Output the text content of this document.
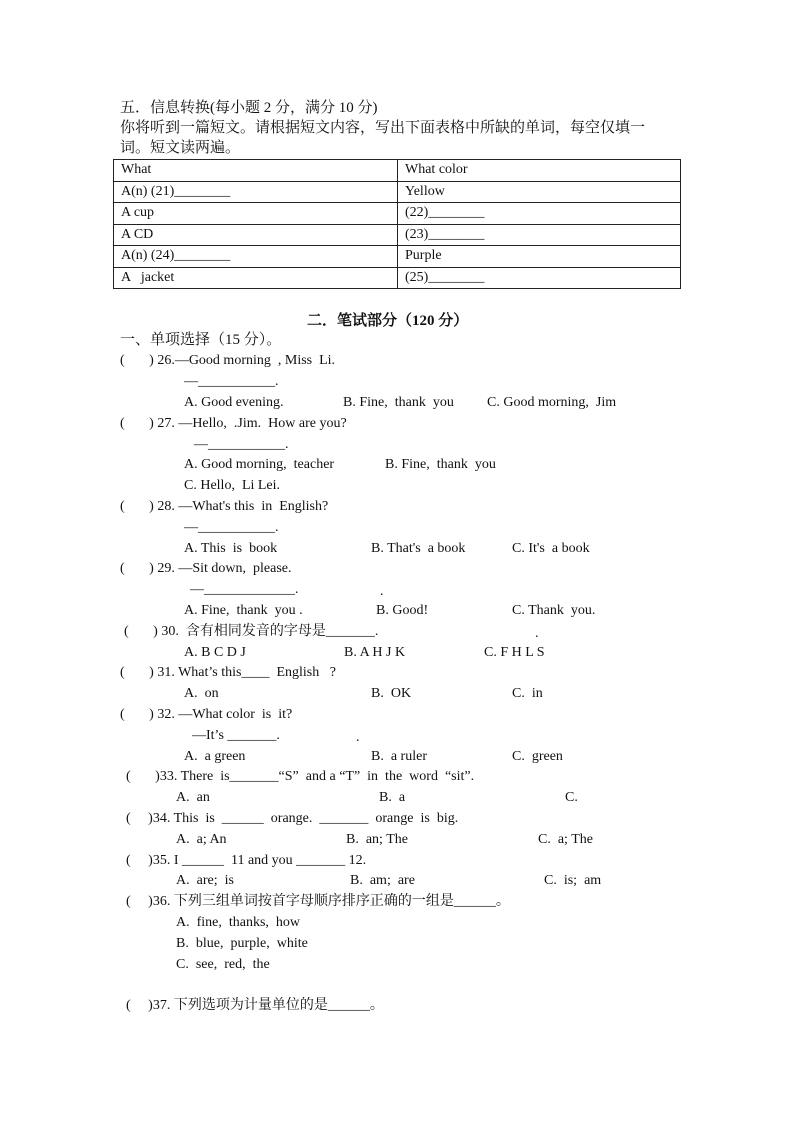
五．信息转换(每小题 2 分，满分 10 分)
你将听到一篇短文。请根据短文内容，写出下面表格中所缺的单词，每空仅填一
词。短文读两遍。
What	What color
A(n) (21)________	Yellow
A cup	(22)________
A CD	(23)________
A(n) (24)________	Purple
A   jacket	(25)________
二．笔试部分（120 分）
一、单项选择（15 分）。
(       ) 26.—Good morning  , Miss  Li.
—___________.
A. Good evening.	B. Fine,  thank  you C. Good morning,  Jim
(       ) 27. —Hello,  .Jim.  How are you?
—___________.
A. Good morning,  teacher	B. Fine,  thank  you
C. Hello,  Li Lei.
(       ) 28. —What's this  in  English?
—___________.
A. This  is  book	B. That's  a book	C. It's  a book
(       ) 29. —Sit down,  please.
—_____________.	.
A. Fine,  thank  you .	B. Good!	C. Thank  you.
(       ) 30.  含有相同发音的字母是_______.	.
A. B C D J	B. A H J K	C. F H L S
(       ) 31. What’s this____  English   ?
A.  on	B.  OK	C.  in
(       ) 32. —What color  is  it?
—It’s _______.	.
A.  a green	B.  a ruler	C.  green
(       )33. There  is_______“S”  and a “T”  in  the  word  “sit”.
A.  an	B.  a	C.
(     )34. This  is  ______  orange.  _______  orange  is  big.
A.  a; An	B.  an; The	C.  a; The
(     )35. I ______  11 and you _______ 12.
A.  are;  is	B.  am;  are	C.  is;  am
(     )36. 下列三组单词按首字母顺序排序正确的一组是______。
A.  fine,  thanks,  how
B.  blue,  purple,  white
C.  see,  red,  the
(     )37. 下列选项为计量单位的是______。
